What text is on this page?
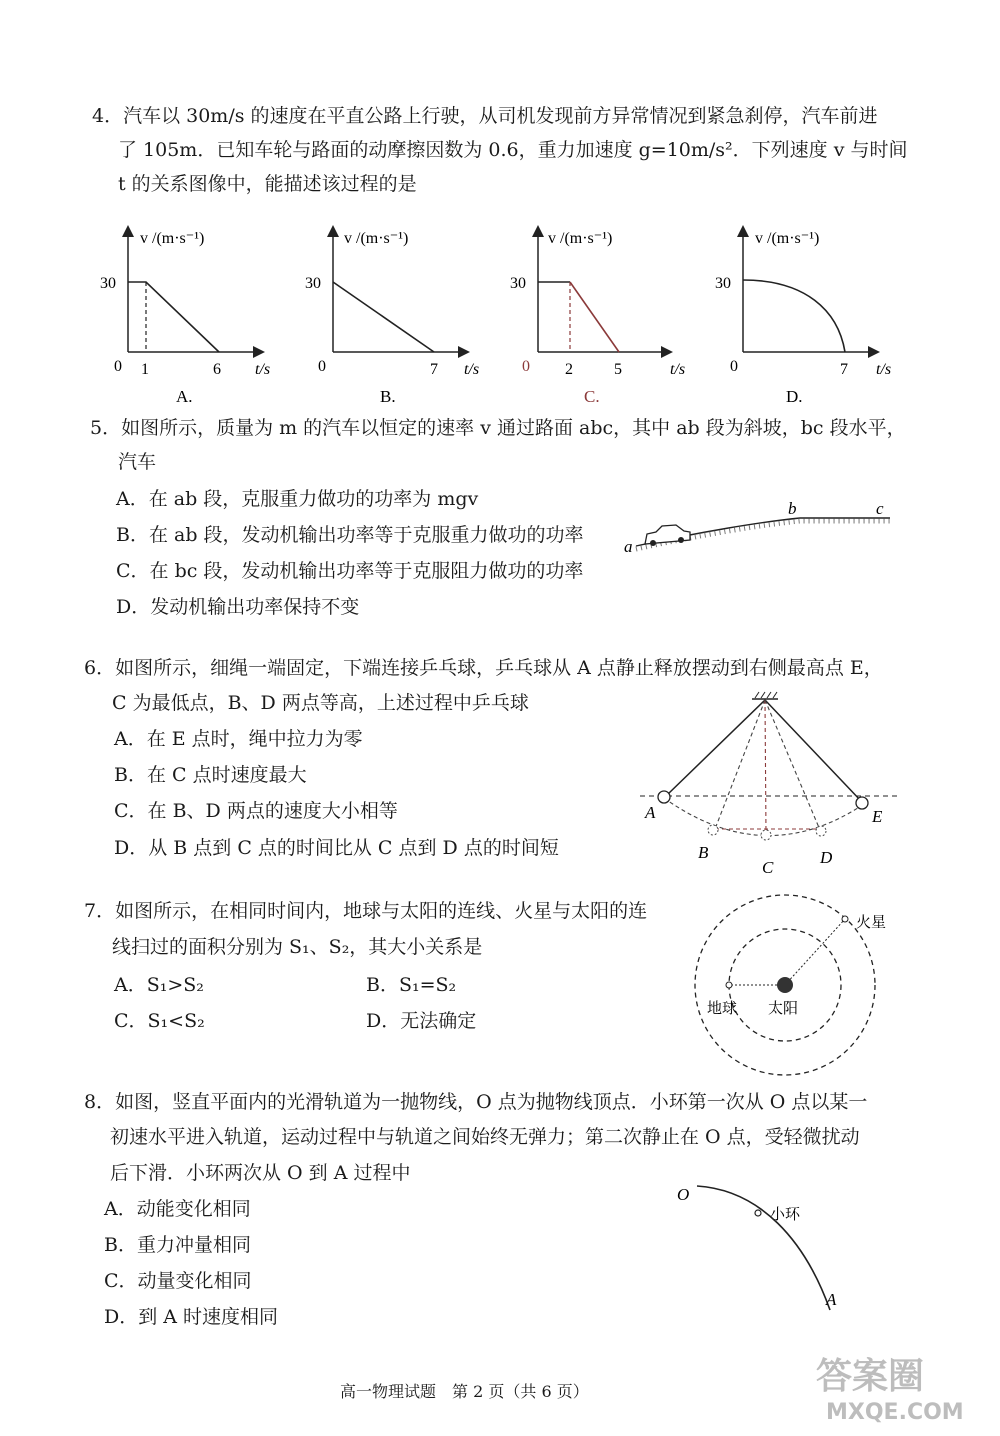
4．汽车以 30m/s 的速度在平直公路上行驶，从司机发现前方异常情况到紧急刹停，汽车前进
了 105m．已知车轮与路面的动摩擦因数为 0.6，重力加速度 g=10m/s²．下列速度 v 与时间
t 的关系图像中，能描述该过程的是
v /(m·s⁻¹)
30
0 1	6 t/s
A.
v /(m·s⁻¹)
30
0	7 t/s
B.
v /(m·s⁻¹)
30
0 2	5	t/s
C.
v /(m·s⁻¹)
30
0	7 t/s
D.
a
b	c
A
B
C
D
E
火星
地球 太阳
O
小环
A
5．如图所示，质量为 m 的汽车以恒定的速率 v 通过路面 abc，其中 ab 段为斜坡，bc 段水平，
汽车
A．在 ab 段，克服重力做功的功率为 mgv
B．在 ab 段，发动机输出功率等于克服重力做功的功率
C．在 bc 段，发动机输出功率等于克服阻力做功的功率
D．发动机输出功率保持不变
6．如图所示，细绳一端固定，下端连接乒乓球，乒乓球从 A 点静止释放摆动到右侧最高点 E，
C 为最低点，B、D 两点等高，上述过程中乒乓球
A．在 E 点时，绳中拉力为零
B．在 C 点时速度最大
C．在 B、D 两点的速度大小相等
D．从 B 点到 C 点的时间比从 C 点到 D 点的时间短
7．如图所示，在相同时间内，地球与太阳的连线、火星与太阳的连
线扫过的面积分别为 S₁、S₂，其大小关系是
A．S₁>S₂	B．S₁=S₂
C．S₁<S₂	D．无法确定
8．如图，竖直平面内的光滑轨道为一抛物线，O 点为抛物线顶点．小环第一次从 O 点以某一
初速水平进入轨道，运动过程中与轨道之间始终无弹力；第二次静止在 O 点，受轻微扰动
后下滑．小环两次从 O 到 A 过程中
A．动能变化相同
B．重力冲量相同
C．动量变化相同
D．到 A 时速度相同
高一物理试题　第 2 页（共 6 页）	答案圈
MXQE.COM
